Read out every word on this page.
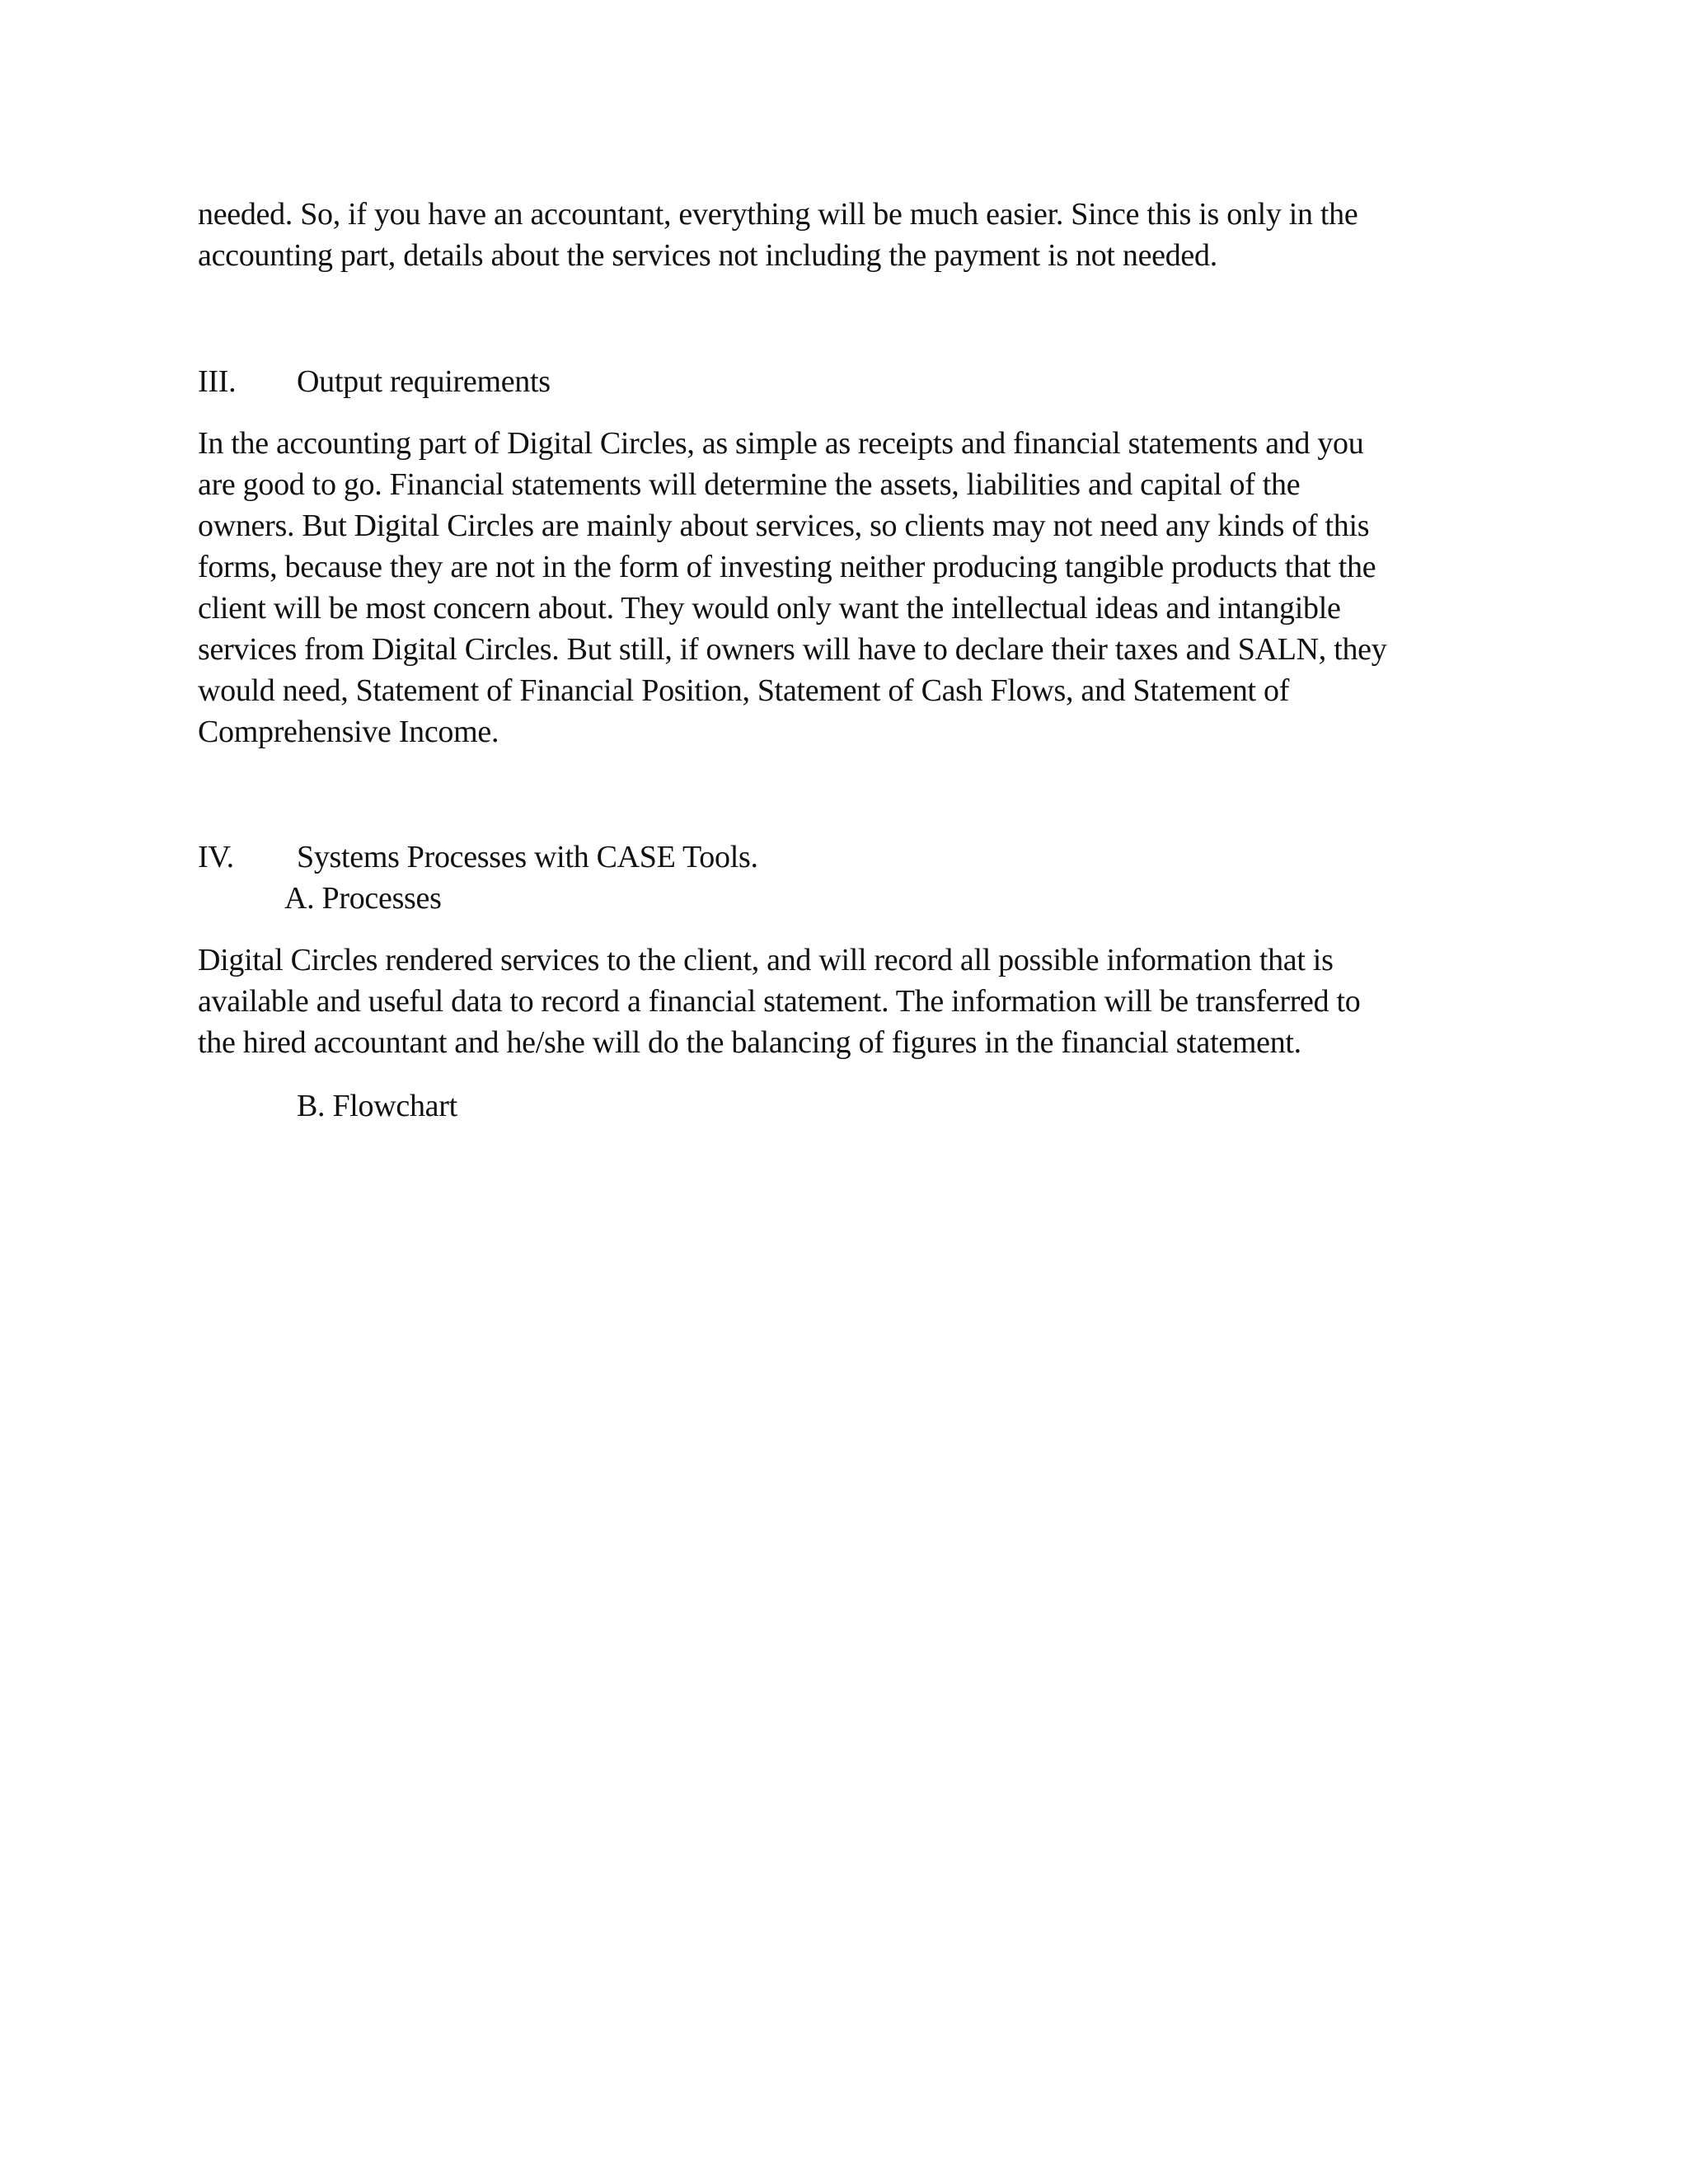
needed. So, if you have an accountant, everything will be much easier. Since this is only in the
accounting part, details about the services not including the payment is not needed.
III. Output requirements
In the accounting part of Digital Circles, as simple as receipts and financial statements and you
are good to go. Financial statements will determine the assets, liabilities and capital of the
owners. But Digital Circles are mainly about services, so clients may not need any kinds of this
forms, because they are not in the form of investing neither producing tangible products that the
client will be most concern about. They would only want the intellectual ideas and intangible
services from Digital Circles. But still, if owners will have to declare their taxes and SALN, they
would need, Statement of Financial Position, Statement of Cash Flows, and Statement of
Comprehensive Income.
IV. Systems Processes with CASE Tools.
A. Processes
Digital Circles rendered services to the client, and will record all possible information that is
available and useful data to record a financial statement. The information will be transferred to
the hired accountant and he/she will do the balancing of figures in the financial statement.
B. Flowchart
